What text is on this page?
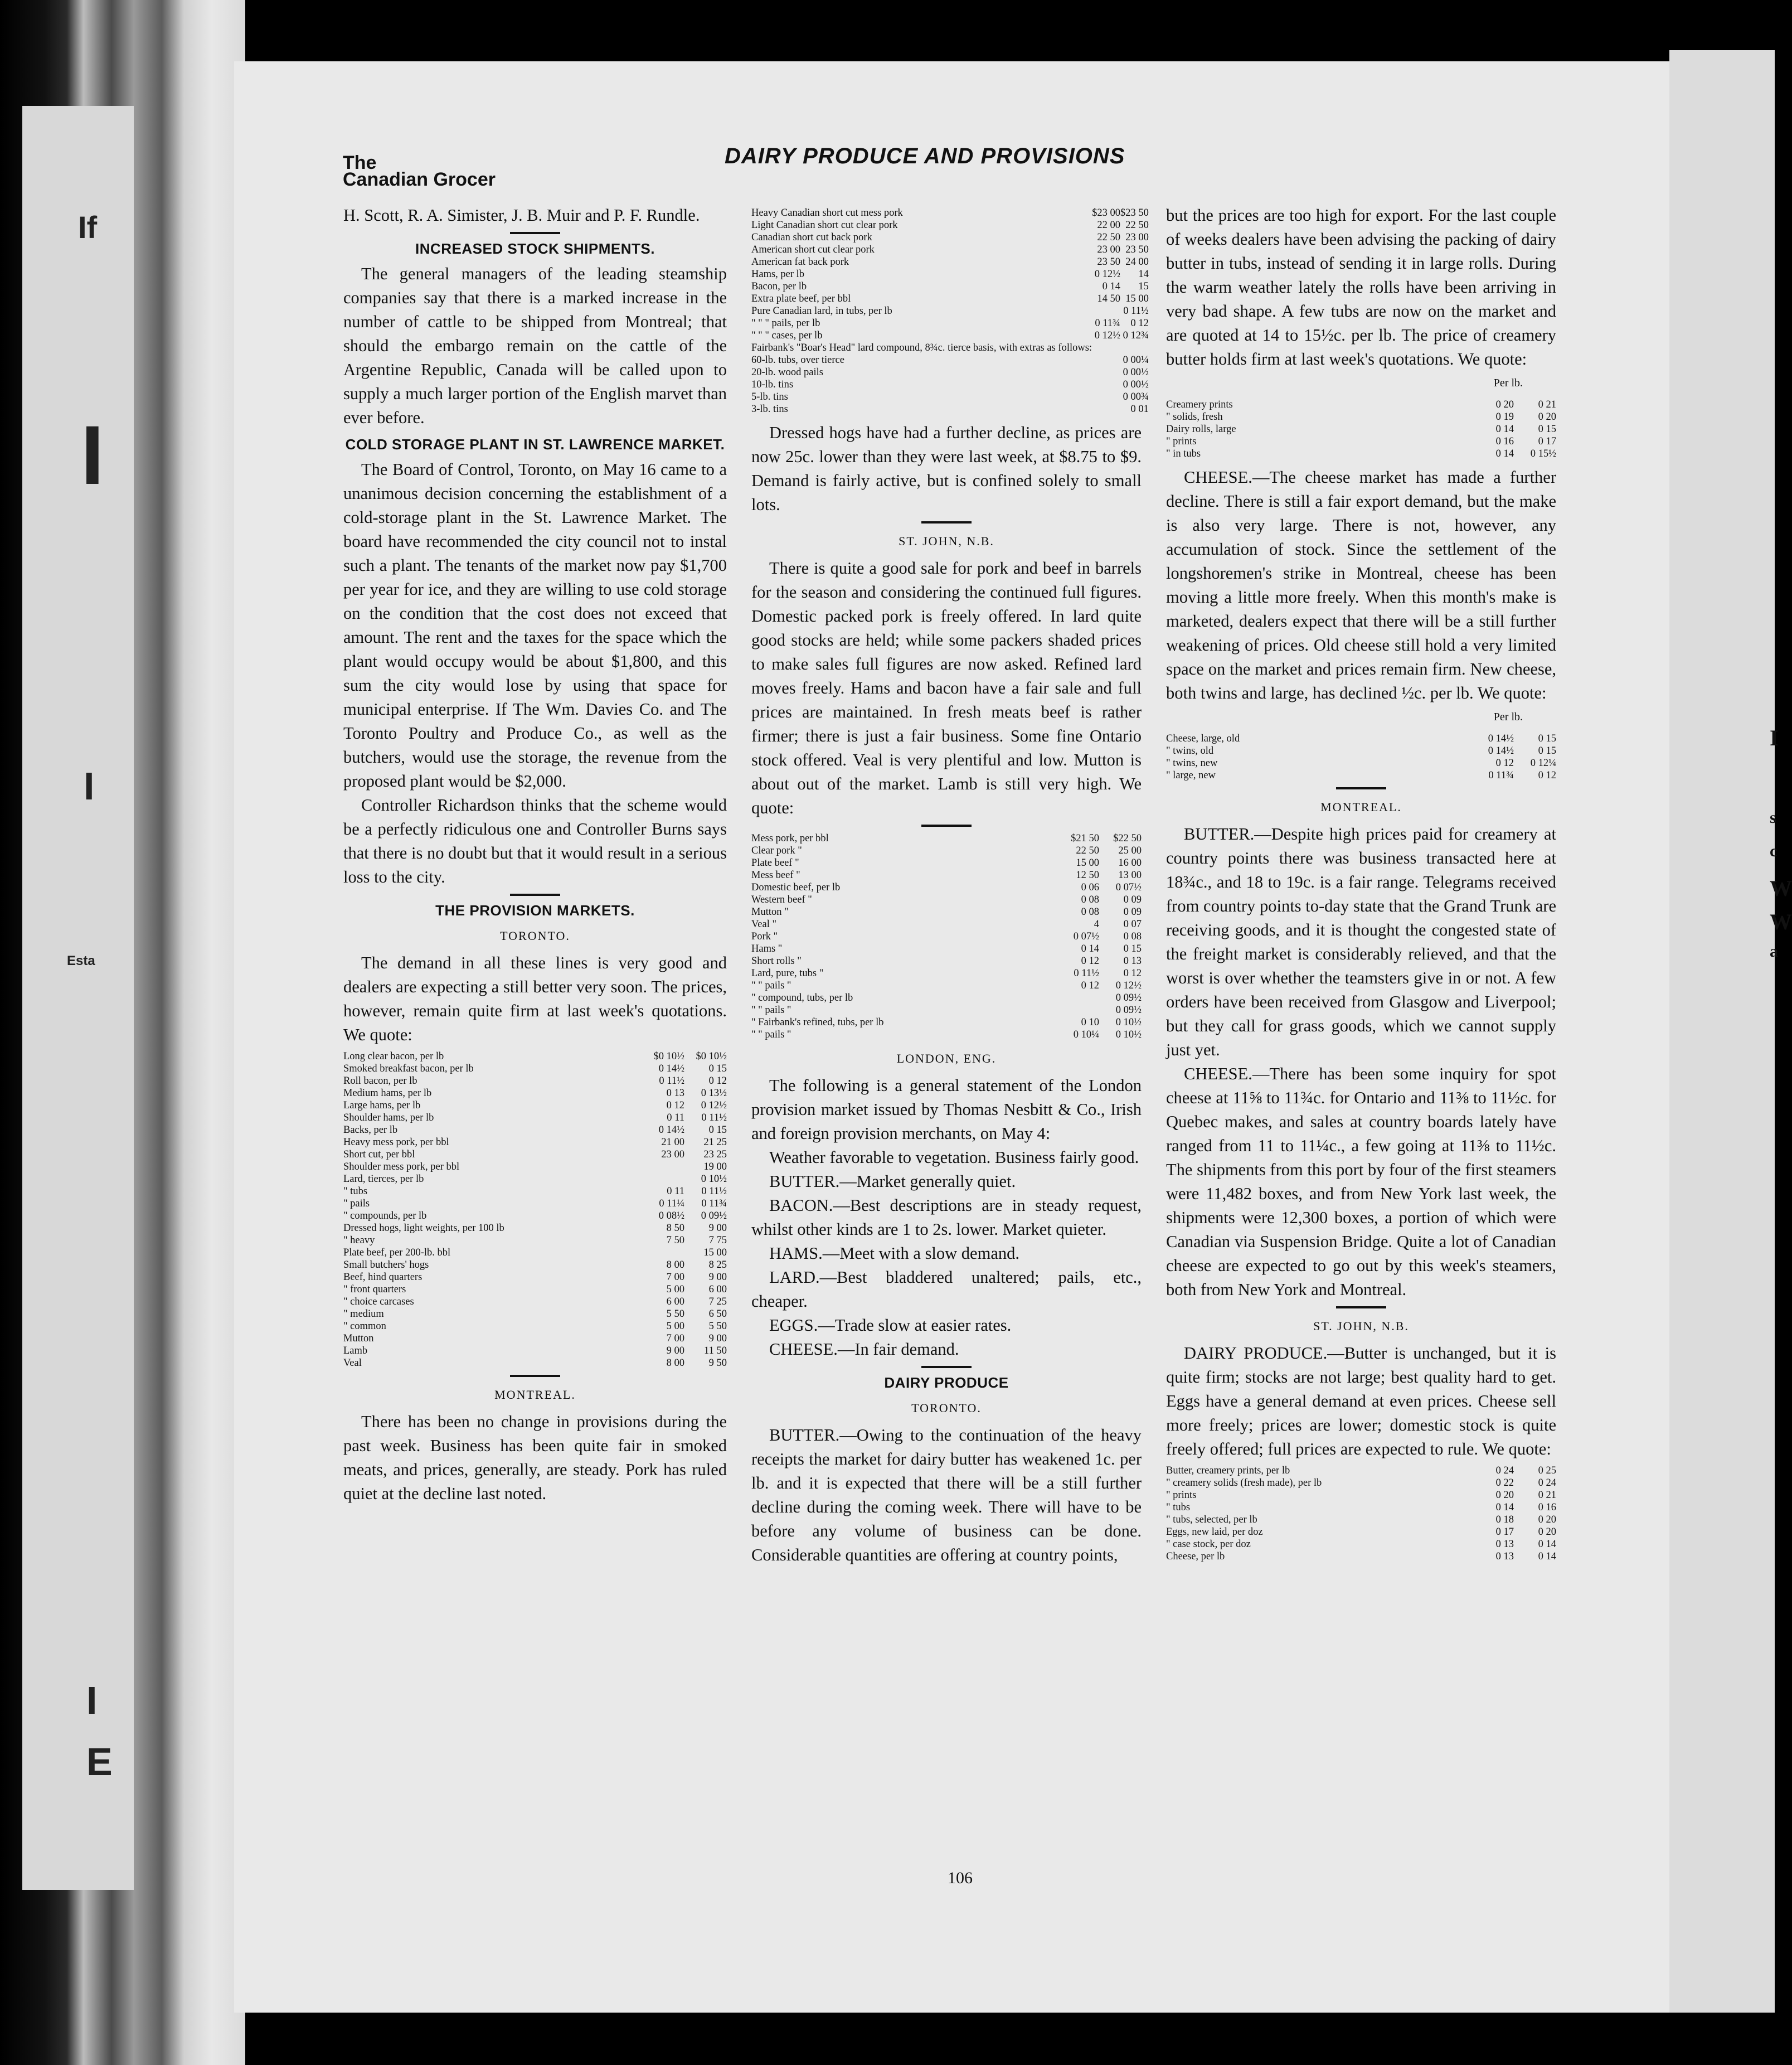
If
I
I
I
E
Esta
I
s
c
W
W
a
The
Canadian Grocer
DAIRY PRODUCE AND PROVISIONS

H. Scott, R. A. Simister, J. B. Muir and P. F. Rundle.

INCREASED STOCK SHIPMENTS.

The general managers of the leading steamship companies say that there is a marked increase in the number of cattle to be shipped from Montreal; that should the embargo remain on the cattle of the Argentine Republic, Canada will be called upon to supply a much larger portion of the English marvet than ever before.

COLD STORAGE PLANT IN ST. LAWRENCE MARKET.

The Board of Control, Toronto, on May 16 came to a unanimous decision concerning the establishment of a cold-storage plant in the St. Lawrence Market. The board have recommended the city council not to instal such a plant. The tenants of the market now pay $1,700 per year for ice, and they are willing to use cold storage on the condition that the cost does not exceed that amount. The rent and the taxes for the space which the plant would occupy would be about $1,800, and this sum the city would lose by using that space for municipal enterprise. If The Wm. Davies Co. and The Toronto Poultry and Produce Co., as well as the butchers, would use the storage, the revenue from the proposed plant would be $2,000.

Controller Richardson thinks that the scheme would be a perfectly ridiculous one and Controller Burns says that there is no doubt but that it would result in a serious loss to the city.

THE PROVISION MARKETS.
TORONTO.

The demand in all these lines is very good and dealers are expecting a still better very soon. The prices, however, remain quite firm at last week's quotations. We quote:

Long clear bacon, per lb	$0 10½	$0 10½
Smoked breakfast bacon, per lb	0 14½	0 15
Roll bacon, per lb	0 11½	0 12
Medium hams, per lb	0 13	0 13½
Large hams, per lb	0 12	0 12½
Shoulder hams, per lb	0 11	0 11½
Backs, per lb	0 14½	0 15
Heavy mess pork, per bbl	21 00	21 25
Short cut, per bbl	23 00	23 25
Shoulder mess pork, per bbl		19 00
Lard, tierces, per lb		0 10½
" tubs	0 11	0 11½
" pails	0 11¼	0 11¾
" compounds, per lb	0 08½	0 09½
Dressed hogs, light weights, per 100 lb	8 50	9 00
" heavy	7 50	7 75
Plate beef, per 200-lb. bbl		15 00
Small butchers' hogs	8 00	8 25
Beef, hind quarters	7 00	9 00
" front quarters	5 00	6 00
" choice carcases	6 00	7 25
" medium	5 50	6 50
" common	5 00	5 50
Mutton	7 00	9 00
Lamb	9 00	11 50
Veal	8 00	9 50
MONTREAL.

There has been no change in provisions during the past week. Business has been quite fair in smoked meats, and prices, generally, are steady. Pork has ruled quiet at the decline last noted.

Heavy Canadian short cut mess pork	$23 00	$23 50
Light Canadian short cut clear pork	22 00	22 50
Canadian short cut back pork	22 50	23 00
American short cut clear pork	23 00	23 50
American fat back pork	23 50	24 00
Hams, per lb	0 12½	14
Bacon, per lb	0 14	15
Extra plate beef, per bbl	14 50	15 00
Pure Canadian lard, in tubs, per lb		0 11½
" " " pails, per lb	0 11¾	0 12
" " " cases, per lb	0 12½	0 12¾
Fairbank's "Boar's Head" lard compound, 8¾c. tierce basis, with extras as follows:		
60-lb. tubs, over tierce		0 00¼
20-lb. wood pails		0 00½
10-lb. tins		0 00½
5-lb. tins		0 00¾
3-lb. tins		0 01

Dressed hogs have had a further decline, as prices are now 25c. lower than they were last week, at $8.75 to $9. Demand is fairly active, but is confined solely to small lots.

ST. JOHN, N.B.

There is quite a good sale for pork and beef in barrels for the season and considering the continued full figures. Domestic packed pork is freely offered. In lard quite good stocks are held; while some packers shaded prices to make sales full figures are now asked. Refined lard moves freely. Hams and bacon have a fair sale and full prices are maintained. In fresh meats beef is rather firmer; there is just a fair business. Some fine Ontario stock offered. Veal is very plentiful and low. Mutton is about out of the market. Lamb is still very high. We quote:

Mess pork, per bbl	$21 50	$22 50
Clear pork "	22 50	25 00
Plate beef "	15 00	16 00
Mess beef "	12 50	13 00
Domestic beef, per lb	0 06	0 07½
Western beef "	0 08	0 09
Mutton "	0 08	0 09
Veal "	4	0 07
Pork "	0 07½	0 08
Hams "	0 14	0 15
Short rolls "	0 12	0 13
Lard, pure, tubs "	0 11½	0 12
" " pails "	0 12	0 12½
" compound, tubs, per lb		0 09½
" " pails "		0 09½
" Fairbank's refined, tubs, per lb	0 10	0 10½
" " pails "	0 10¼	0 10½
LONDON, ENG.

The following is a general statement of the London provision market issued by Thomas Nesbitt & Co., Irish and foreign provision merchants, on May 4:

Weather favorable to vegetation. Business fairly good.

BUTTER.—Market generally quiet.

BACON.—Best descriptions are in steady request, whilst other kinds are 1 to 2s. lower. Market quieter.

HAMS.—Meet with a slow demand.

LARD.—Best bladdered unaltered; pails, etc., cheaper.

EGGS.—Trade slow at easier rates.

CHEESE.—In fair demand.

DAIRY PRODUCE
TORONTO.

BUTTER.—Owing to the continuation of the heavy receipts the market for dairy butter has weakened 1c. per lb. and it is expected that there will be a still further decline during the coming week. There will have to be before any volume of business can be done. Considerable quantities are offering at country points,

but the prices are too high for export. For the last couple of weeks dealers have been advising the packing of dairy butter in tubs, instead of sending it in large rolls. During the warm weather lately the rolls have been arriving in very bad shape. A few tubs are now on the market and are quoted at 14 to 15½c. per lb. The price of creamery butter holds firm at last week's quotations. We quote:

Per lb.
Creamery prints	0 20	0 21
" solids, fresh	0 19	0 20
Dairy rolls, large	0 14	0 15
" prints	0 16	0 17
" in tubs	0 14	0 15½

CHEESE.—The cheese market has made a further decline. There is still a fair export demand, but the make is also very large. There is not, however, any accumulation of stock. Since the settlement of the longshoremen's strike in Montreal, cheese has been moving a little more freely. When this month's make is marketed, dealers expect that there will be a still further weakening of prices. Old cheese still hold a very limited space on the market and prices remain firm. New cheese, both twins and large, has declined ½c. per lb. We quote:

Per lb.
Cheese, large, old	0 14½	0 15
" twins, old	0 14½	0 15
" twins, new	0 12	0 12¼
" large, new	0 11¾	0 12
MONTREAL.

BUTTER.—Despite high prices paid for creamery at country points there was business transacted here at 18¾c., and 18 to 19c. is a fair range. Telegrams received from country points to-day state that the Grand Trunk are receiving goods, and it is thought the congested state of the freight market is considerably relieved, and that the worst is over whether the teamsters give in or not. A few orders have been received from Glasgow and Liverpool; but they call for grass goods, which we cannot supply just yet.

CHEESE.—There has been some inquiry for spot cheese at 11⅝ to 11¾c. for Ontario and 11⅜ to 11½c. for Quebec makes, and sales at country boards lately have ranged from 11 to 11¼c., a few going at 11⅜ to 11½c. The shipments from this port by four of the first steamers were 11,482 boxes, and from New York last week, the shipments were 12,300 boxes, a portion of which were Canadian via Suspension Bridge. Quite a lot of Canadian cheese are expected to go out by this week's steamers, both from New York and Montreal.

ST. JOHN, N.B.

DAIRY PRODUCE.—Butter is unchanged, but it is quite firm; stocks are not large; best quality hard to get. Eggs have a general demand at even prices. Cheese sell more freely; prices are lower; domestic stock is quite freely offered; full prices are expected to rule. We quote:

Butter, creamery prints, per lb	0 24	0 25
" creamery solids (fresh made), per lb	0 22	0 24
" prints	0 20	0 21
" tubs	0 14	0 16
" tubs, selected, per lb	0 18	0 20
Eggs, new laid, per doz	0 17	0 20
" case stock, per doz	0 13	0 14
Cheese, per lb	0 13	0 14
106
